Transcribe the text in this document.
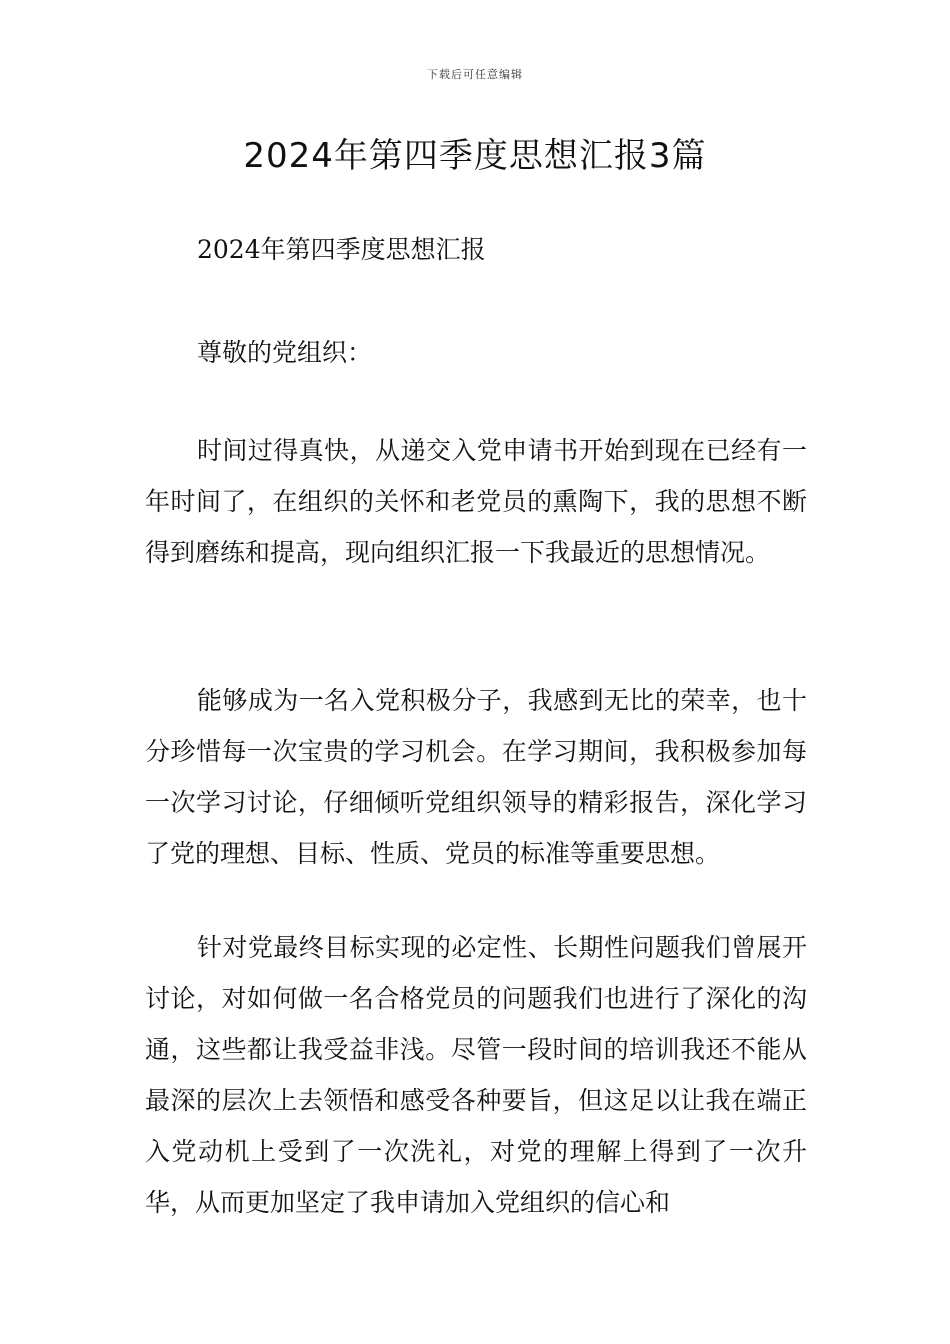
下载后可任意编辑
2024年第四季度思想汇报3篇

2024年第四季度思想汇报

尊敬的党组织：

时间过得真快，从递交入党申请书开始到现在已经有一年时间了，在组织的关怀和老党员的熏陶下，我的思想不断得到磨练和提高，现向组织汇报一下我最近的思想情况。

能够成为一名入党积极分子，我感到无比的荣幸，也十分珍惜每一次宝贵的学习机会。在学习期间，我积极参加每一次学习讨论，仔细倾听党组织领导的精彩报告，深化学习了党的理想、目标、性质、党员的标准等重要思想。

针对党最终目标实现的必定性、长期性问题我们曾展开讨论，对如何做一名合格党员的问题我们也进行了深化的沟通，这些都让我受益非浅。尽管一段时间的培训我还不能从最深的层次上去领悟和感受各种要旨，但这足以让我在端正入党动机上受到了一次洗礼，对党的理解上得到了一次升华，从而更加坚定了我申请加入党组织的信心和
